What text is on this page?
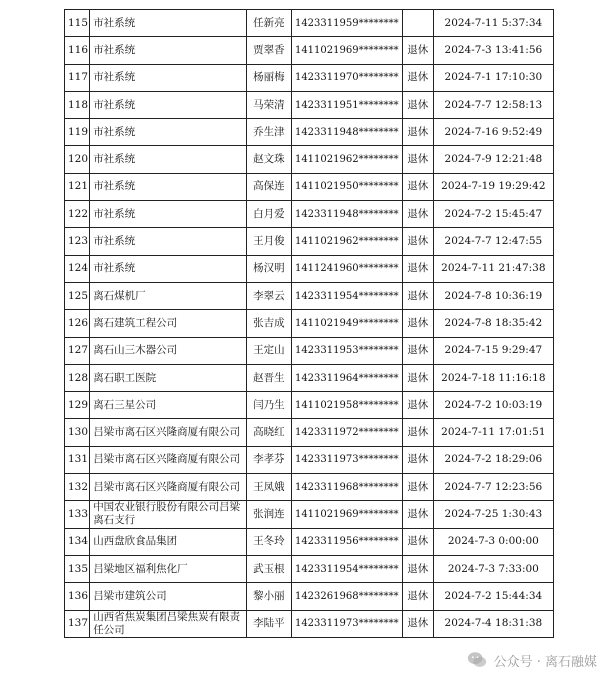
115	市社系统	任新亮	1423311959********		2024-7-11 5:37:34
116	市社系统	贾翠香	1411021969********	退休	2024-7-3 13:41:56
117	市社系统	杨丽梅	1423311970********	退休	2024-7-1 17:10:30
118	市社系统	马荣清	1423311951********	退休	2024-7-7 12:58:13
119	市社系统	乔生津	1423311948********	退休	2024-7-16 9:52:49
120	市社系统	赵文珠	1411021962********	退休	2024-7-9 12:21:48
121	市社系统	高保连	1411021950********	退休	2024-7-19 19:29:42
122	市社系统	白月爱	1423311948********	退休	2024-7-2 15:45:47
123	市社系统	王月俊	1411021962********	退休	2024-7-7 12:47:55
124	市社系统	杨汉明	1411241960********	退休	2024-7-11 21:47:38
125	离石煤机厂	李翠云	1423311954********	退休	2024-7-8 10:36:19
126	离石建筑工程公司	张吉成	1411021949********	退休	2024-7-8 18:35:42
127	离石山三木器公司	王定山	1423311953********	退休	2024-7-15 9:29:47
128	离石职工医院	赵晋生	1423311964********	退休	2024-7-18 11:16:18
129	离石三星公司	闫乃生	1411021958********	退休	2024-7-2 10:03:19
130	吕梁市离石区兴隆商厦有限公司	高晓红	1423311972********	退休	2024-7-11 17:01:51
131	吕梁市离石区兴隆商厦有限公司	李孝芬	1423311973********	退休	2024-7-2 18:29:06
132	吕梁市离石区兴隆商厦有限公司	王凤娥	1423311968********	退休	2024-7-7 12:23:56
133	中国农业银行股份有限公司吕梁离石支行	张润连	1411021969********	退休	2024-7-25 1:30:43
134	山西盘欣食品集团	王冬玲	1423311956********	退休	2024-7-3 0:00:00
135	吕梁地区福利焦化厂	武玉根	1423311954********	退休	2024-7-3 7:33:00
136	吕梁市建筑公司	黎小丽	1423261968********	退休	2024-7-2 15:44:34
137	山西省焦炭集团吕梁焦炭有限责任公司	李陆平	1423311973********	退休	2024-7-4 18:31:38
公众号 · 离石融媒
